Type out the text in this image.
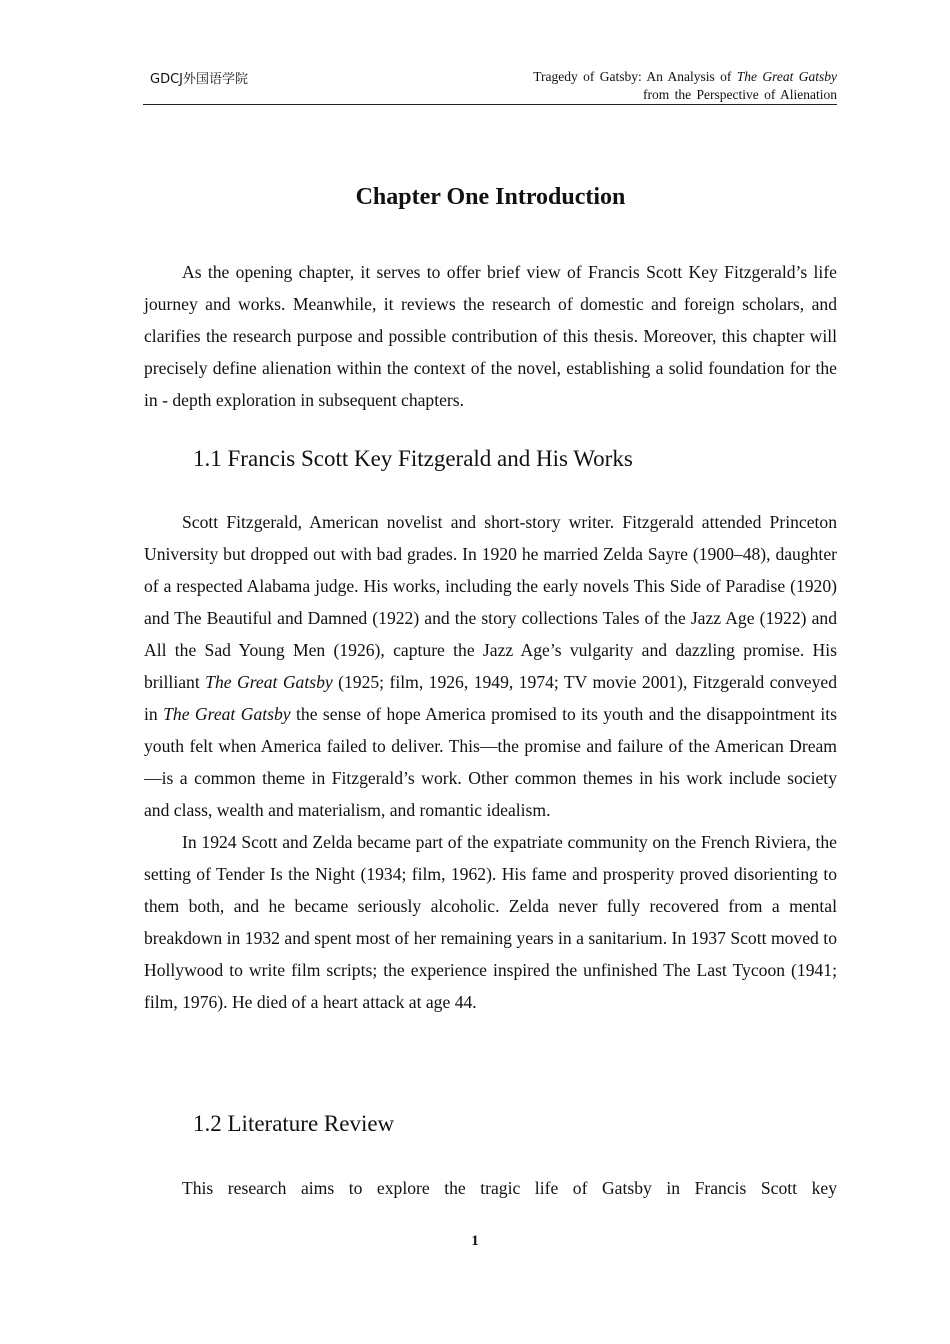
GDCJ外国语学院	Tragedy of Gatsby: An Analysis of The Great Gatsby
from the Perspective of Alienation
Chapter One Introduction

As the opening chapter, it serves to offer brief view of Francis Scott Key Fitzgerald’s life journey and works. Meanwhile, it reviews the research of domestic and foreign scholars, and clarifies the research purpose and possible contribution of this thesis. Moreover, this chapter will precisely define alienation within the context of the novel, establishing a solid foundation for the in - depth exploration in subsequent chapters.

1.1 Francis Scott Key Fitzgerald and His Works

Scott Fitzgerald, American novelist and short-story writer. Fitzgerald attended Princeton University but dropped out with bad grades. In 1920 he married Zelda Sayre (1900–48), daughter of a respected Alabama judge. His works, including the early novels This Side of Paradise (1920) and The Beautiful and Damned (1922) and the story collections Tales of the Jazz Age (1922) and All the Sad Young Men (1926), capture the Jazz Age’s vulgarity and dazzling promise. His brilliant The Great Gatsby (1925; film, 1926, 1949, 1974; TV movie 2001), Fitzgerald conveyed in The Great Gatsby the sense of hope America promised to its youth and the disappointment its youth felt when America failed to deliver. This—the promise and failure of the American Dream—is a common theme in Fitzgerald’s work. Other common themes in his work include society and class, wealth and materialism, and romantic idealism.

In 1924 Scott and Zelda became part of the expatriate community on the French Riviera, the setting of Tender Is the Night (1934; film, 1962). His fame and prosperity proved disorienting to them both, and he became seriously alcoholic. Zelda never fully recovered from a mental breakdown in 1932 and spent most of her remaining years in a sanitarium. In 1937 Scott moved to Hollywood to write film scripts; the experience inspired the unfinished The Last Tycoon (1941; film, 1976). He died of a heart attack at age 44.

1.2 Literature Review

This research aims to explore the tragic life of Gatsby in Francis Scott key

1
